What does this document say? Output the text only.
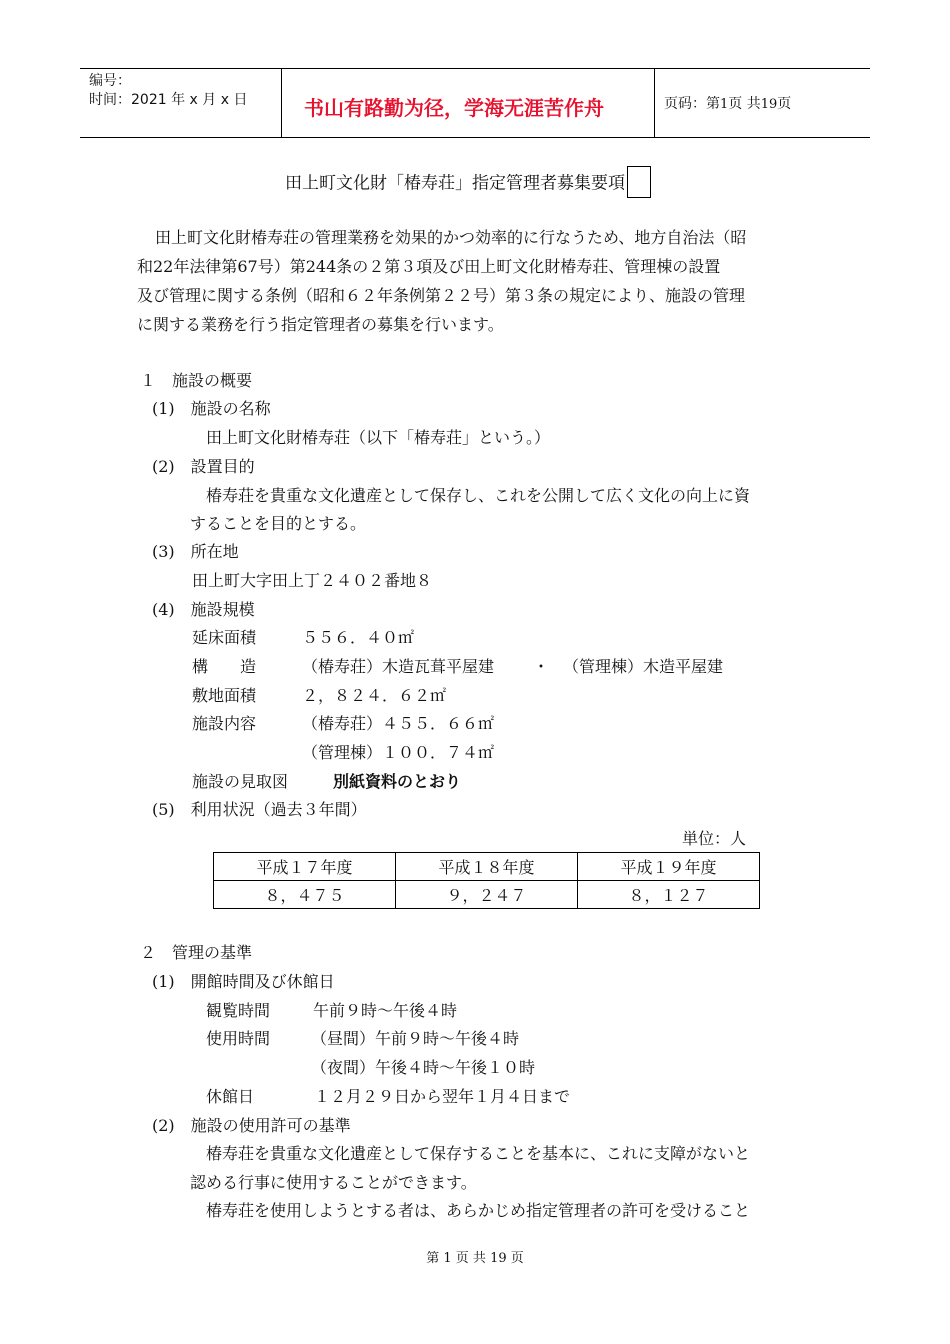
编号：
时间：2021 年 x 月 x 日	书山有路勤为径，学海无涯苦作舟	页码：第1页 共19页
田上町文化財「椿寿荘」指定管理者募集要項
田上町文化財椿寿荘の管理業務を効果的かつ効率的に行なうため、地方自治法（昭
和22年法律第67号）第244条の２第３項及び田上町文化財椿寿荘、管理棟の設置
及び管理に関する条例（昭和６２年条例第２２号）第３条の規定により、施設の管理
に関する業務を行う指定管理者の募集を行います。
１　施設の概要
(1)　施設の名称
田上町文化財椿寿荘（以下「椿寿荘」という。）
(2)　設置目的
椿寿荘を貴重な文化遺産として保存し、これを公開して広く文化の向上に資
することを目的とする。
(3)　所在地
田上町大字田上丁２４０２番地８
(4)　施設規模
延床面積	５５６．４０㎡
構　　造	（椿寿荘）木造瓦葺平屋建 ・ （管理棟）木造平屋建
敷地面積	２，８２４．６２㎡
施設内容	（椿寿荘）４５５．６６㎡
（管理棟）１００．７４㎡
施設の見取図	別紙資料のとおり
(5)　利用状況（過去３年間）
単位：人
平成１７年度	平成１８年度	平成１９年度
８，４７５	９，２４７	８，１２７
２　管理の基準
(1)　開館時間及び休館日
観覧時間	午前９時～午後４時
使用時間	（昼間）午前９時～午後４時
（夜間）午後４時～午後１０時
休館日	１２月２９日から翌年１月４日まで
(2)　施設の使用許可の基準
椿寿荘を貴重な文化遺産として保存することを基本に、これに支障がないと
認める行事に使用することができます。
椿寿荘を使用しようとする者は、あらかじめ指定管理者の許可を受けること
第 1 页 共 19 页
